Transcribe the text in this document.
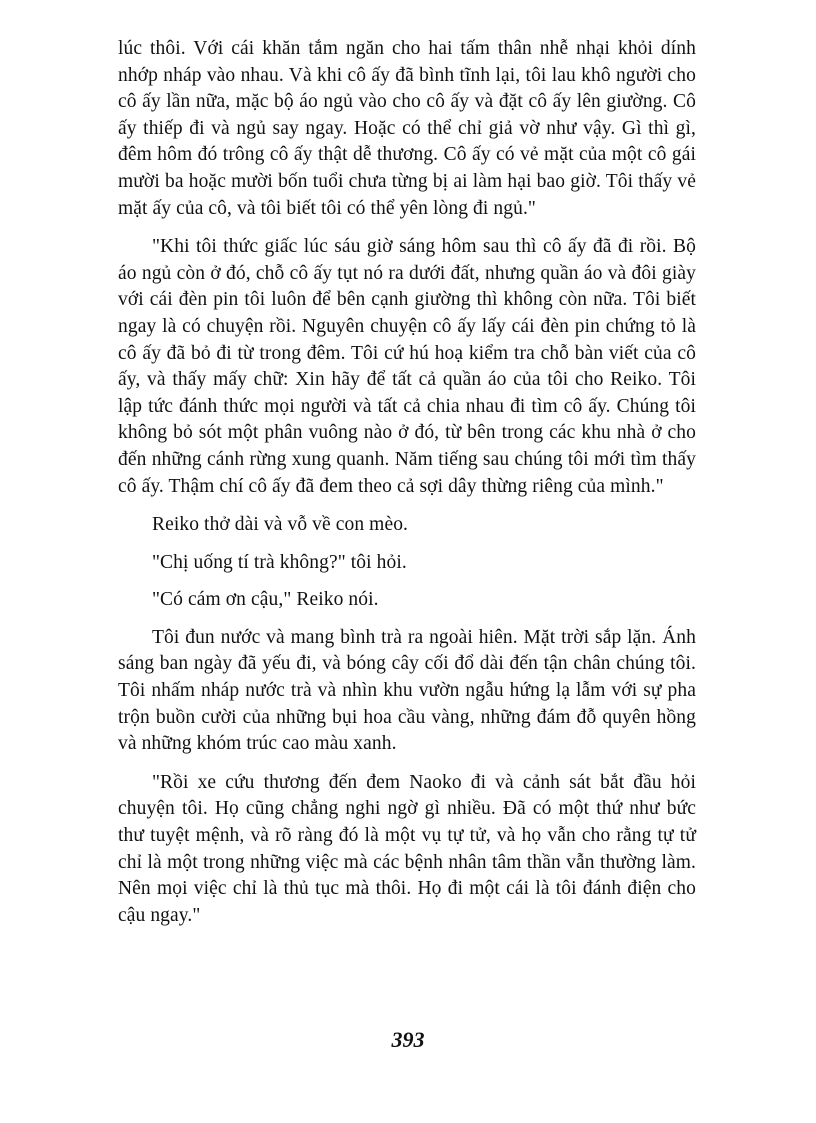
lúc thôi. Với cái khăn tắm ngăn cho hai tấm thân nhễ nhại khỏi dính nhớp nháp vào nhau. Và khi cô ấy đã bình tĩnh lại, tôi lau khô người cho cô ấy lần nữa, mặc bộ áo ngủ vào cho cô ấy và đặt cô ấy lên giường. Cô ấy thiếp đi và ngủ say ngay. Hoặc có thể chỉ giả vờ như vậy. Gì thì gì, đêm hôm đó trông cô ấy thật dễ thương. Cô ấy có vẻ mặt của một cô gái mười ba hoặc mười bốn tuổi chưa từng bị ai làm hại bao giờ. Tôi thấy vẻ mặt ấy của cô, và tôi biết tôi có thể yên lòng đi ngủ."

"Khi tôi thức giấc lúc sáu giờ sáng hôm sau thì cô ấy đã đi rồi. Bộ áo ngủ còn ở đó, chỗ cô ấy tụt nó ra dưới đất, nhưng quần áo và đôi giày với cái đèn pin tôi luôn để bên cạnh giường thì không còn nữa. Tôi biết ngay là có chuyện rồi. Nguyên chuyện cô ấy lấy cái đèn pin chứng tỏ là cô ấy đã bỏ đi từ trong đêm. Tôi cứ hú hoạ kiểm tra chỗ bàn viết của cô ấy, và thấy mấy chữ: Xin hãy để tất cả quần áo của tôi cho Reiko. Tôi lập tức đánh thức mọi người và tất cả chia nhau đi tìm cô ấy. Chúng tôi không bỏ sót một phân vuông nào ở đó, từ bên trong các khu nhà ở cho đến những cánh rừng xung quanh. Năm tiếng sau chúng tôi mới tìm thấy cô ấy. Thậm chí cô ấy đã đem theo cả sợi dây thừng riêng của mình."

Reiko thở dài và vỗ về con mèo.

"Chị uống tí trà không?" tôi hỏi.

"Có cám ơn cậu," Reiko nói.

Tôi đun nước và mang bình trà ra ngoài hiên. Mặt trời sắp lặn. Ánh sáng ban ngày đã yếu đi, và bóng cây cối đổ dài đến tận chân chúng tôi. Tôi nhấm nháp nước trà và nhìn khu vườn ngẫu hứng lạ lẫm với sự pha trộn buồn cười của những bụi hoa cầu vàng, những đám đỗ quyên hồng và những khóm trúc cao màu xanh.

"Rồi xe cứu thương đến đem Naoko đi và cảnh sát bắt đầu hỏi chuyện tôi. Họ cũng chẳng nghi ngờ gì nhiều. Đã có một thứ như bức thư tuyệt mệnh, và rõ ràng đó là một vụ tự tử, và họ vẫn cho rằng tự tử chỉ là một trong những việc mà các bệnh nhân tâm thần vẫn thường làm. Nên mọi việc chỉ là thủ tục mà thôi. Họ đi một cái là tôi đánh điện cho cậu ngay."

393
